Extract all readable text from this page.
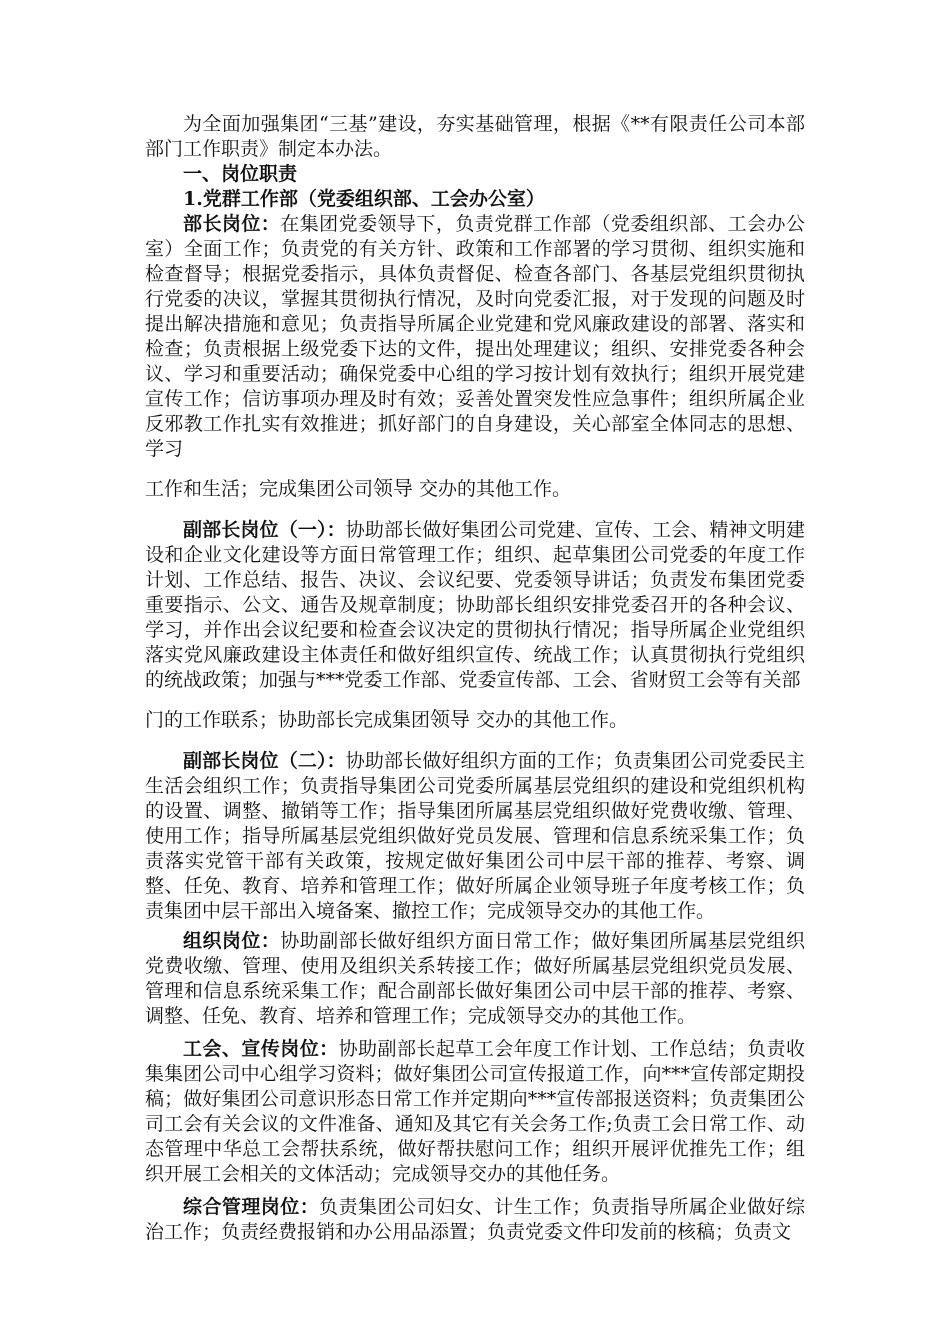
为全面加强集团“三基”建设，夯实基础管理，根据《**有限责任公司本部部门工作职责》制定本办法。

一、岗位职责

1.党群工作部（党委组织部、工会办公室）

部长岗位：在集团党委领导下，负责党群工作部（党委组织部、工会办公室）全面工作；负责党的有关方针、政策和工作部署的学习贯彻、组织实施和检查督导；根据党委指示，具体负责督促、检查各部门、各基层党组织贯彻执行党委的决议，掌握其贯彻执行情况，及时向党委汇报，对于发现的问题及时提出解决措施和意见；负责指导所属企业党建和党风廉政建设的部署、落实和检查；负责根据上级党委下达的文件，提出处理建议；组织、安排党委各种会议、学习和重要活动；确保党委中心组的学习按计划有效执行；组织开展党建宣传工作；信访事项办理及时有效；妥善处置突发性应急事件；组织所属企业反邪教工作扎实有效推进；抓好部门的自身建设，关心部室全体同志的思想、学习

工作和生活；完成集团公司领导 交办的其他工作。

副部长岗位（一）：协助部长做好集团公司党建、宣传、工会、精神文明建设和企业文化建设等方面日常管理工作；组织、起草集团公司党委的年度工作计划、工作总结、报告、决议、会议纪要、党委领导讲话；负责发布集团党委重要指示、公文、通告及规章制度；协助部长组织安排党委召开的各种会议、学习，并作出会议纪要和检查会议决定的贯彻执行情况；指导所属企业党组织落实党风廉政建设主体责任和做好组织宣传、统战工作；认真贯彻执行党组织的统战政策；加强与***党委工作部、党委宣传部、工会、省财贸工会等有关部

门的工作联系；协助部长完成集团领导 交办的其他工作。

副部长岗位（二）：协助部长做好组织方面的工作；负责集团公司党委民主生活会组织工作；负责指导集团公司党委所属基层党组织的建设和党组织机构的设置、调整、撤销等工作；指导集团所属基层党组织做好党费收缴、管理、使用工作；指导所属基层党组织做好党员发展、管理和信息系统采集工作；负责落实党管干部有关政策，按规定做好集团公司中层干部的推荐、考察、调整、任免、教育、培养和管理工作；做好所属企业领导班子年度考核工作；负责集团中层干部出入境备案、撤控工作；完成领导交办的其他工作。

组织岗位：协助副部长做好组织方面日常工作；做好集团所属基层党组织党费收缴、管理、使用及组织关系转接工作；做好所属基层党组织党员发展、管理和信息系统采集工作；配合副部长做好集团公司中层干部的推荐、考察、调整、任免、教育、培养和管理工作；完成领导交办的其他工作。

工会、宣传岗位：协助副部长起草工会年度工作计划、工作总结；负责收集集团公司中心组学习资料；做好集团公司宣传报道工作，向***宣传部定期投稿；做好集团公司意识形态日常工作并定期向***宣传部报送资料；负责集团公司工会有关会议的文件准备、通知及其它有关会务工作;负责工会日常工作、动态管理中华总工会帮扶系统，做好帮扶慰问工作；组织开展评优推先工作；组织开展工会相关的文体活动；完成领导交办的其他任务。

综合管理岗位：负责集团公司妇女、计生工作；负责指导所属企业做好综治工作；负责经费报销和办公用品添置；负责党委文件印发前的核稿；负责文
